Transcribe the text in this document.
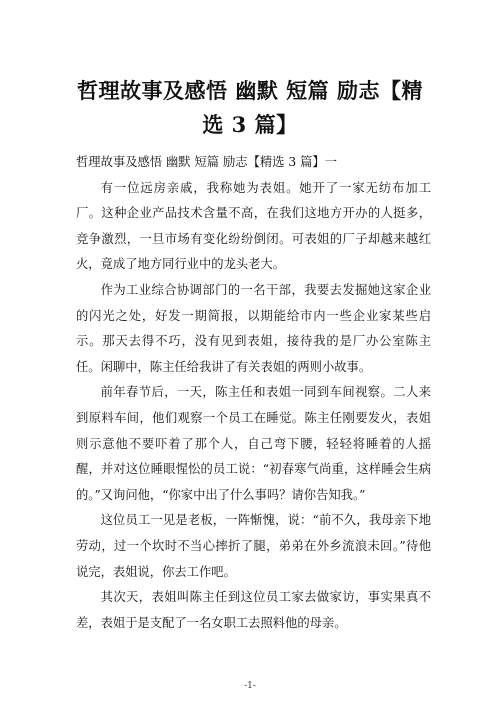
哲理故事及感悟 幽默 短篇 励志【精选 3 篇】

哲理故事及感悟 幽默 短篇 励志【精选 3 篇】一

有一位远房亲戚，我称她为表姐。她开了一家无纺布加工厂。这种企业产品技术含量不高，在我们这地方开办的人挺多，竞争激烈，一旦市场有变化纷纷倒闭。可表姐的厂子却越来越红火，竟成了地方同行业中的龙头老大。

作为工业综合协调部门的一名干部，我要去发掘她这家企业的闪光之处，好发一期简报，以期能给市内一些企业家某些启示。那天去得不巧，没有见到表姐，接待我的是厂办公室陈主任。闲聊中，陈主任给我讲了有关表姐的两则小故事。

前年春节后，一天，陈主任和表姐一同到车间视察。二人来到原料车间，他们观察一个员工在睡觉。陈主任刚要发火，表姐则示意他不要吓着了那个人，自己弯下腰，轻轻将睡着的人摇醒，并对这位睡眼惺忪的员工说：“初春寒气尚重，这样睡会生病的。”又询问他，“你家中出了什么事吗？请你告知我。”

这位员工一见是老板，一阵惭愧，说：“前不久，我母亲下地劳动，过一个坎时不当心摔折了腿，弟弟在外乡流浪未回。”待他说完，表姐说，你去工作吧。

其次天，表姐叫陈主任到这位员工家去做家访，事实果真不差，表姐于是支配了一名女职工去照料他的母亲。

-1-
